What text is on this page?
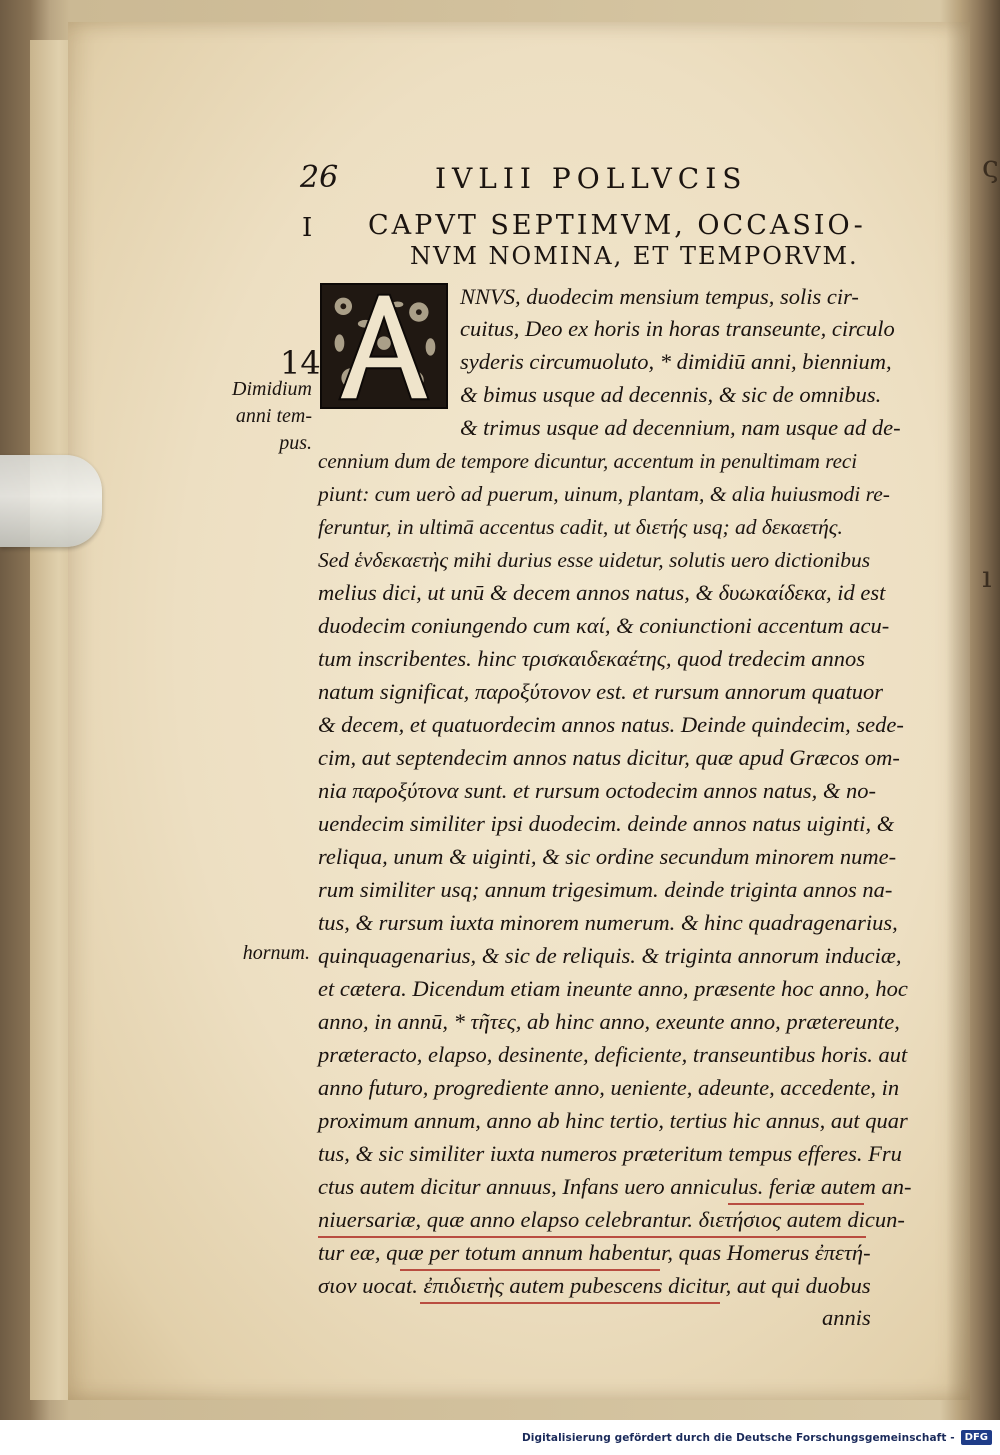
ς
ı
26	IVLII POLLVCIS
I CAPVT SEPTIMVM, OCCASIO-
NVM NOMINA, ET TEMPORVM.
14
Dimidium
anni tem-
pus.
hornum.
NNVS, duodecim mensium tempus, solis cir-
cuitus, Deo ex horis in horas transeunte, circulo
syderis circumuoluto, * dimidiū anni, biennium,
& bimus usque ad decennis, & sic de omnibus.
& trimus usque ad decennium, nam usque ad de-
cennium dum de tempore dicuntur, accentum in penultimam reci
piunt: cum uerò ad puerum, uinum, plantam, & alia huiusmodi re-
feruntur, in ultimā accentus cadit, ut διετής usq; ad δεκαετής.
Sed ἑνδεκαετὴς mihi durius esse uidetur, solutis uero dictionibus
melius dici, ut unū & decem annos natus, & δυωκαίδεκα, id est
duodecim coniungendo cum καί, & coniunctioni accentum acu-
tum inscribentes. hinc τρισκαιδεκαέτης, quod tredecim annos
natum significat, παροξύτονον est. et rursum annorum quatuor
& decem, et quatuordecim annos natus. Deinde quindecim, sede-
cim, aut septendecim annos natus dicitur, quæ apud Græcos om-
nia παροξύτονα sunt. et rursum octodecim annos natus, & no-
uendecim similiter ipsi duodecim. deinde annos natus uiginti, &
reliqua, unum & uiginti, & sic ordine secundum minorem nume-
rum similiter usq; annum trigesimum. deinde triginta annos na-
tus, & rursum iuxta minorem numerum. & hinc quadragenarius,
quinquagenarius, & sic de reliquis. & triginta annorum induciæ,
et cætera. Dicendum etiam ineunte anno, præsente hoc anno, hoc
anno, in annū, * τῆτες, ab hinc anno, exeunte anno, prætereunte,
præteracto, elapso, desinente, deficiente, transeuntibus horis. aut
anno futuro, progrediente anno, ueniente, adeunte, accedente, in
proximum annum, anno ab hinc tertio, tertius hic annus, aut quar
tus, & sic similiter iuxta numeros præteritum tempus efferes. Fru
ctus autem dicitur annuus, Infans uero anniculus. feriæ autem an-
niuersariæ, quæ anno elapso celebrantur. διετήσιος autem dicun-
tur eæ, quæ per totum annum habentur, quas Homerus ἐπετή-
σιον uocat. ἐπιδιετὴς autem pubescens dicitur, aut qui duobus
annis
Digitalisierung gefördert durch die Deutsche Forschungsgemeinschaft -	DFG
